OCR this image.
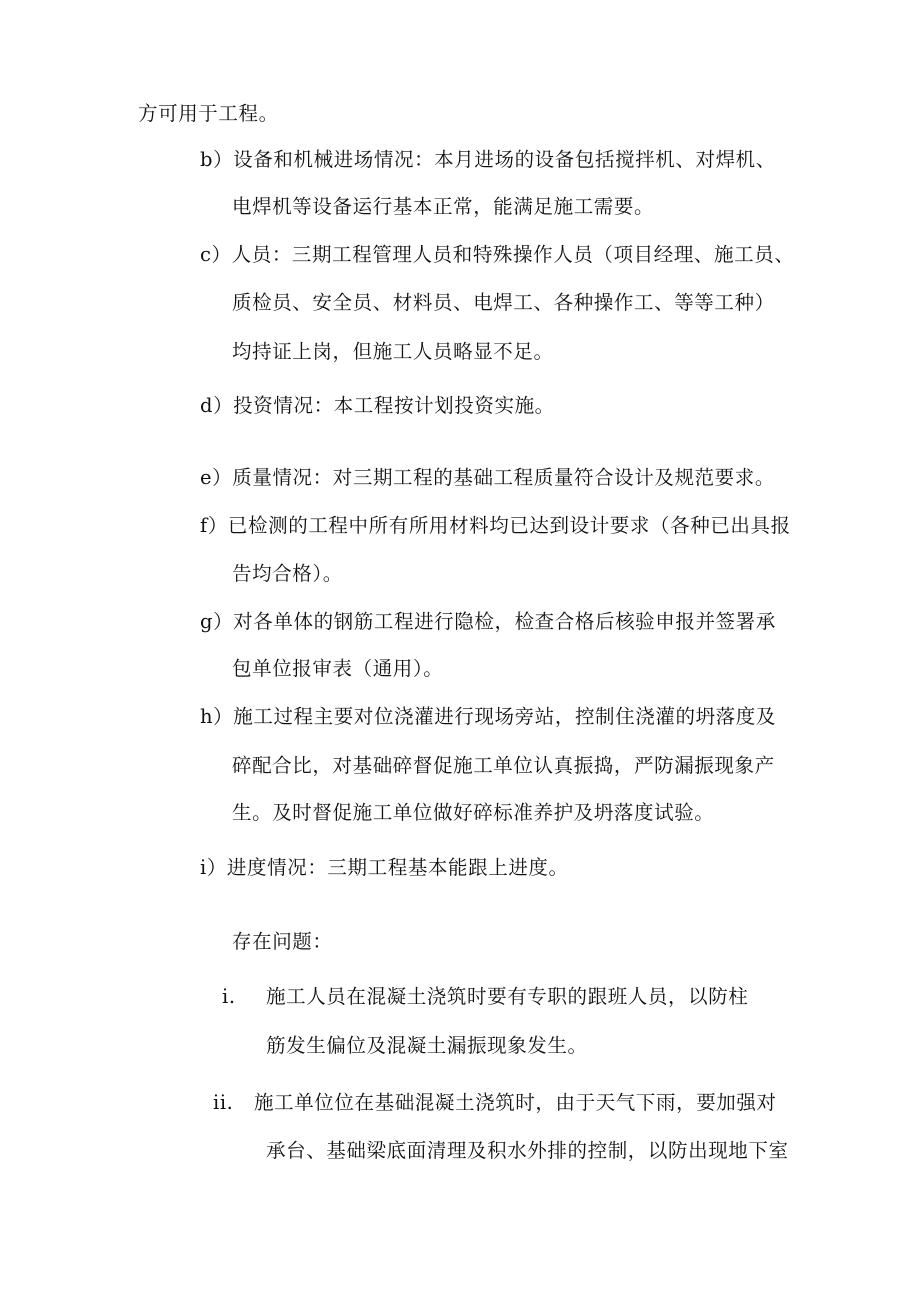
方可用于工程。
b）设备和机械进场情况：本月进场的设备包括搅拌机、对焊机、
电焊机等设备运行基本正常，能满足施工需要。
c）人员：三期工程管理人员和特殊操作人员（项目经理、施工员、
质检员、安全员、材料员、电焊工、各种操作工、等等工种）
均持证上岗，但施工人员略显不足。
d）投资情况：本工程按计划投资实施。
e）质量情况：对三期工程的基础工程质量符合设计及规范要求。
f）已检测的工程中所有所用材料均已达到设计要求（各种已出具报
告均合格）。
g）对各单体的钢筋工程进行隐检，检查合格后核验申报并签署承
包单位报审表（通用）。
h）施工过程主要对位浇灌进行现场旁站，控制住浇灌的坍落度及
碎配合比，对基础碎督促施工单位认真振捣，严防漏振现象产
生。及时督促施工单位做好碎标准养护及坍落度试验。
i）进度情况：三期工程基本能跟上进度。
存在问题：
i. 施工人员在混凝土浇筑时要有专职的跟班人员，以防柱
筋发生偏位及混凝土漏振现象发生。
ii. 施工单位位在基础混凝土浇筑时，由于天气下雨，要加强对
承台、基础梁底面清理及积水外排的控制，以防出现地下室
